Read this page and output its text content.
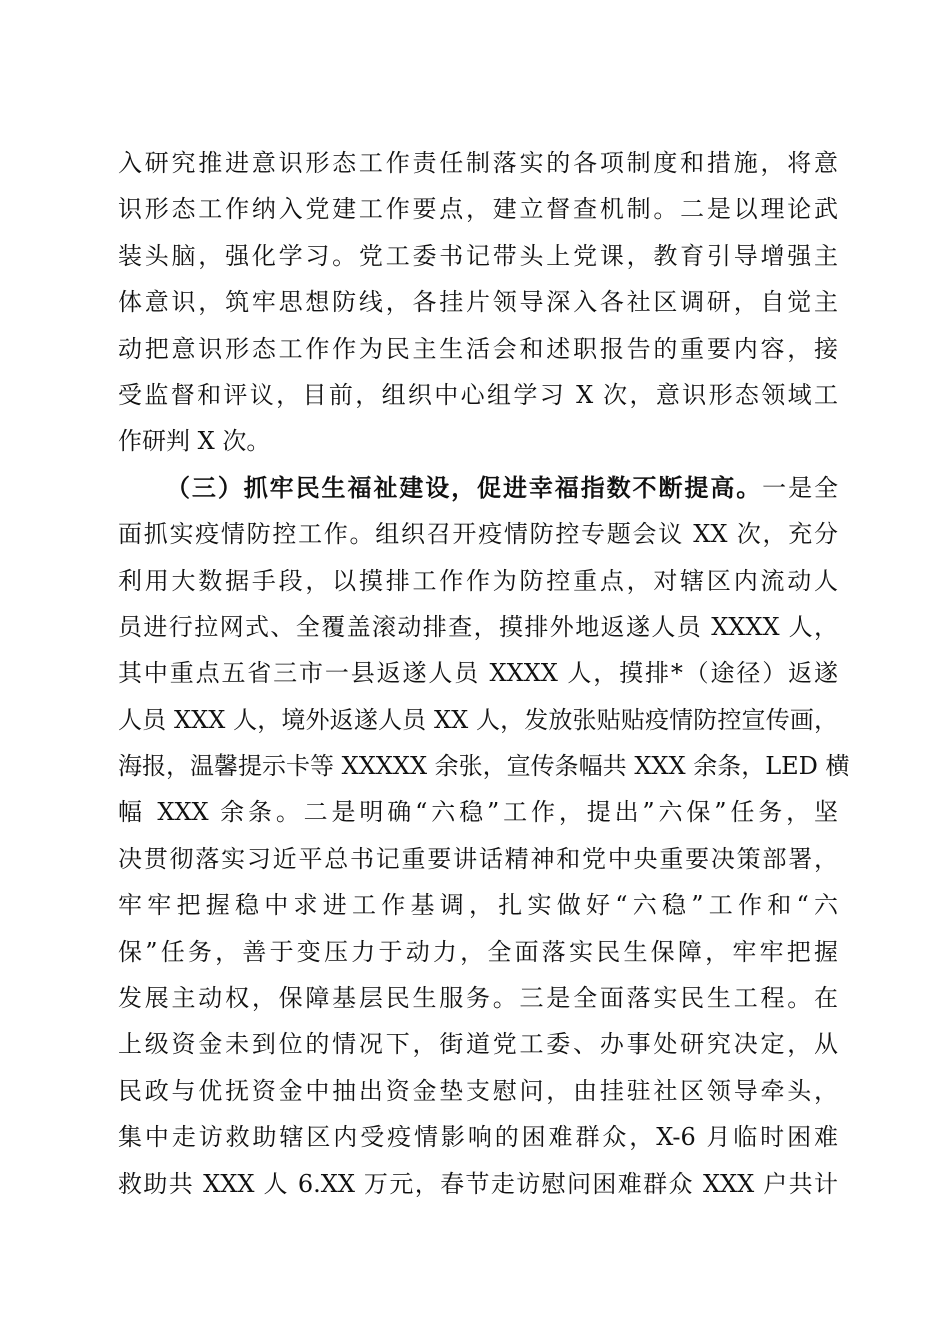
入研究推进意识形态工作责任制落实的各项制度和措施，将意
识形态工作纳入党建工作要点，建立督查机制。二是以理论武
装头脑，强化学习。党工委书记带头上党课，教育引导增强主
体意识，筑牢思想防线，各挂片领导深入各社区调研，自觉主
动把意识形态工作作为民主生活会和述职报告的重要内容，接
受监督和评议，目前，组织中心组学习 X 次，意识形态领域工
作研判 X 次。
（三）抓牢民生福祉建设，促进幸福指数不断提高。一是全
面抓实疫情防控工作。组织召开疫情防控专题会议 XX 次，充分
利用大数据手段，以摸排工作作为防控重点，对辖区内流动人
员进行拉网式、全覆盖滚动排查，摸排外地返遂人员 XXXX 人，
其中重点五省三市一县返遂人员 XXXX 人，摸排*（途径）返遂
人员 XXX 人，境外返遂人员 XX 人，发放张贴贴疫情防控宣传画，
海报，温馨提示卡等 XXXXX 余张，宣传条幅共 XXX 余条，LED 横
幅 XXX 余条。二是明确“六稳”工作，提出”六保”任务，坚
决贯彻落实习近平总书记重要讲话精神和党中央重要决策部署，
牢牢把握稳中求进工作基调，扎实做好“六稳”工作和“六
保”任务，善于变压力于动力，全面落实民生保障，牢牢把握
发展主动权，保障基层民生服务。三是全面落实民生工程。在
上级资金未到位的情况下，街道党工委、办事处研究决定，从
民政与优抚资金中抽出资金垫支慰问，由挂驻社区领导牵头，
集中走访救助辖区内受疫情影响的困难群众，X-6 月临时困难
救助共 XXX 人 6.XX 万元，春节走访慰问困难群众 XXX 户共计
